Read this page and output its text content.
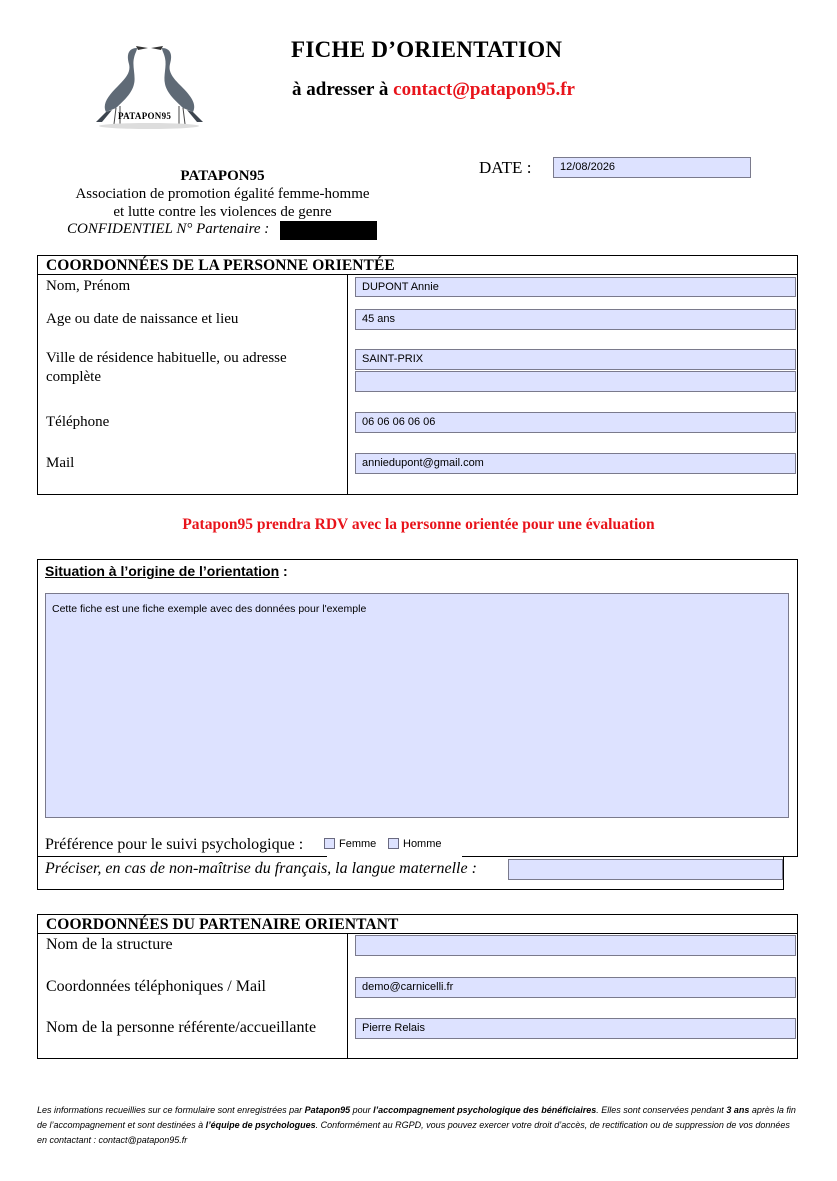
PATAPON95
FICHE D’ORIENTATION
à adresser à contact@patapon95.fr
PATAPON95
Association de promotion égalité femme-homme
et lutte contre les violences de genre
CONFIDENTIEL N° Partenaire :
DATE :	12/08/2026
COORDONNÉES DE LA PERSONNE ORIENTÉE
Nom, Prénom	DUPONT Annie
Age ou date de naissance et lieu	45 ans
Ville de résidence habituelle, ou adresse
complète
SAINT-PRIX
Téléphone	06 06 06 06 06
Mail	anniedupont@gmail.com
Patapon95 prendra RDV avec la personne orientée pour une évaluation
Situation à l’origine de l’orientation :
Cette fiche est une fiche exemple avec des données pour l'exemple
Préférence pour le suivi psychologique :	Femme Homme
Préciser, en cas de non-maîtrise du français, la langue maternelle :
COORDONNÉES DU PARTENAIRE ORIENTANT
Nom de la structure
Coordonnées téléphoniques / Mail	demo@carnicelli.fr
Nom de la personne référente/accueillante	Pierre Relais
Les informations recueillies sur ce formulaire sont enregistrées par Patapon95 pour l’accompagnement psychologique des bénéficiaires. Elles sont conservées pendant 3 ans après la fin de l’accompagnement et sont destinées à l’équipe de psychologues. Conformément au RGPD, vous pouvez exercer votre droit d’accès, de rectification ou de suppression de vos données en contactant : contact@patapon95.fr
